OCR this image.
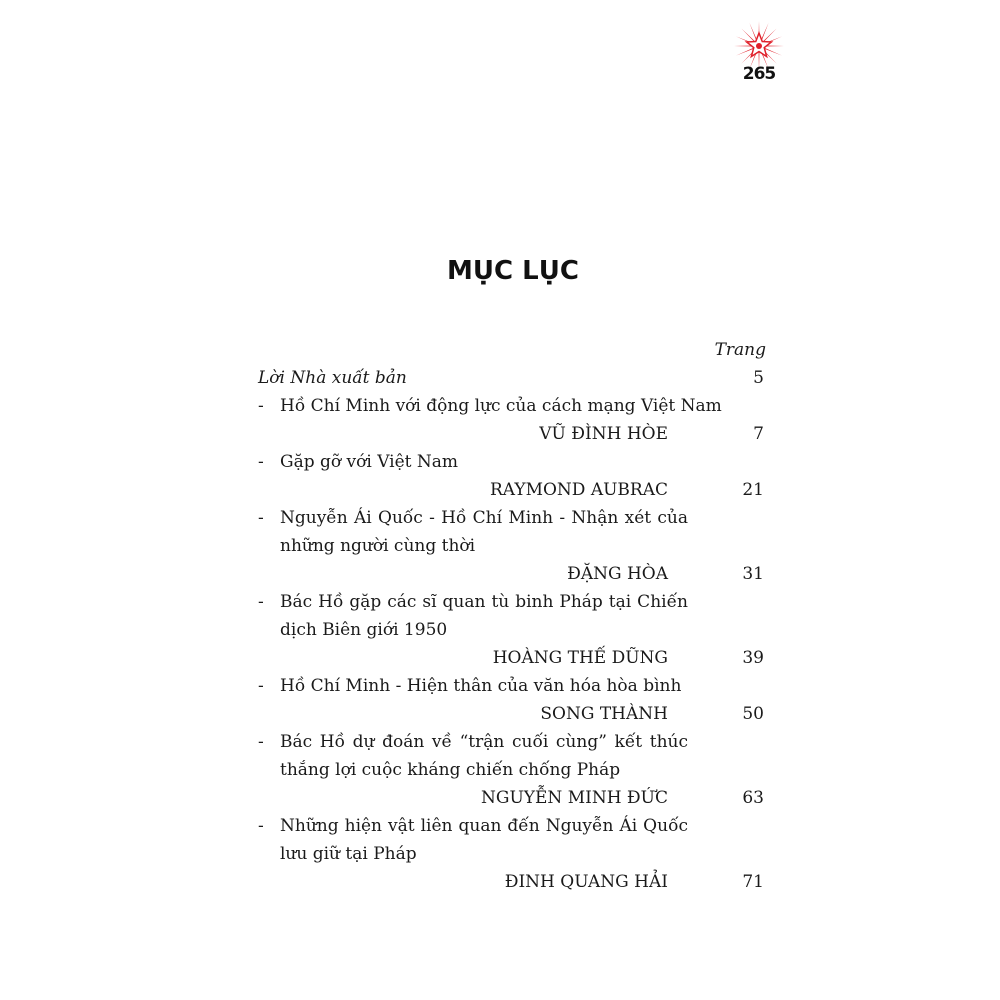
265
MỤC LỤC
Trang
Lời Nhà xuất bản	5
- Hồ Chí Minh với động lực của cách mạng Việt Nam
VŨ ĐÌNH HÒE	7
- Gặp gỡ với Việt Nam
RAYMOND AUBRAC	21
- Nguyễn Ái Quốc - Hồ Chí Minh - Nhận xét của
những người cùng thời
ĐẶNG HÒA	31
- Bác Hồ gặp các sĩ quan tù binh Pháp tại Chiến
dịch Biên giới 1950
HOÀNG THẾ DŨNG	39
- Hồ Chí Minh - Hiện thân của văn hóa hòa bình
SONG THÀNH	50
- Bác Hồ dự đoán về “trận cuối cùng” kết thúc
thắng lợi cuộc kháng chiến chống Pháp
NGUYỄN MINH ĐỨC	63
- Những hiện vật liên quan đến Nguyễn Ái Quốc
lưu giữ tại Pháp
ĐINH QUANG HẢI	71
